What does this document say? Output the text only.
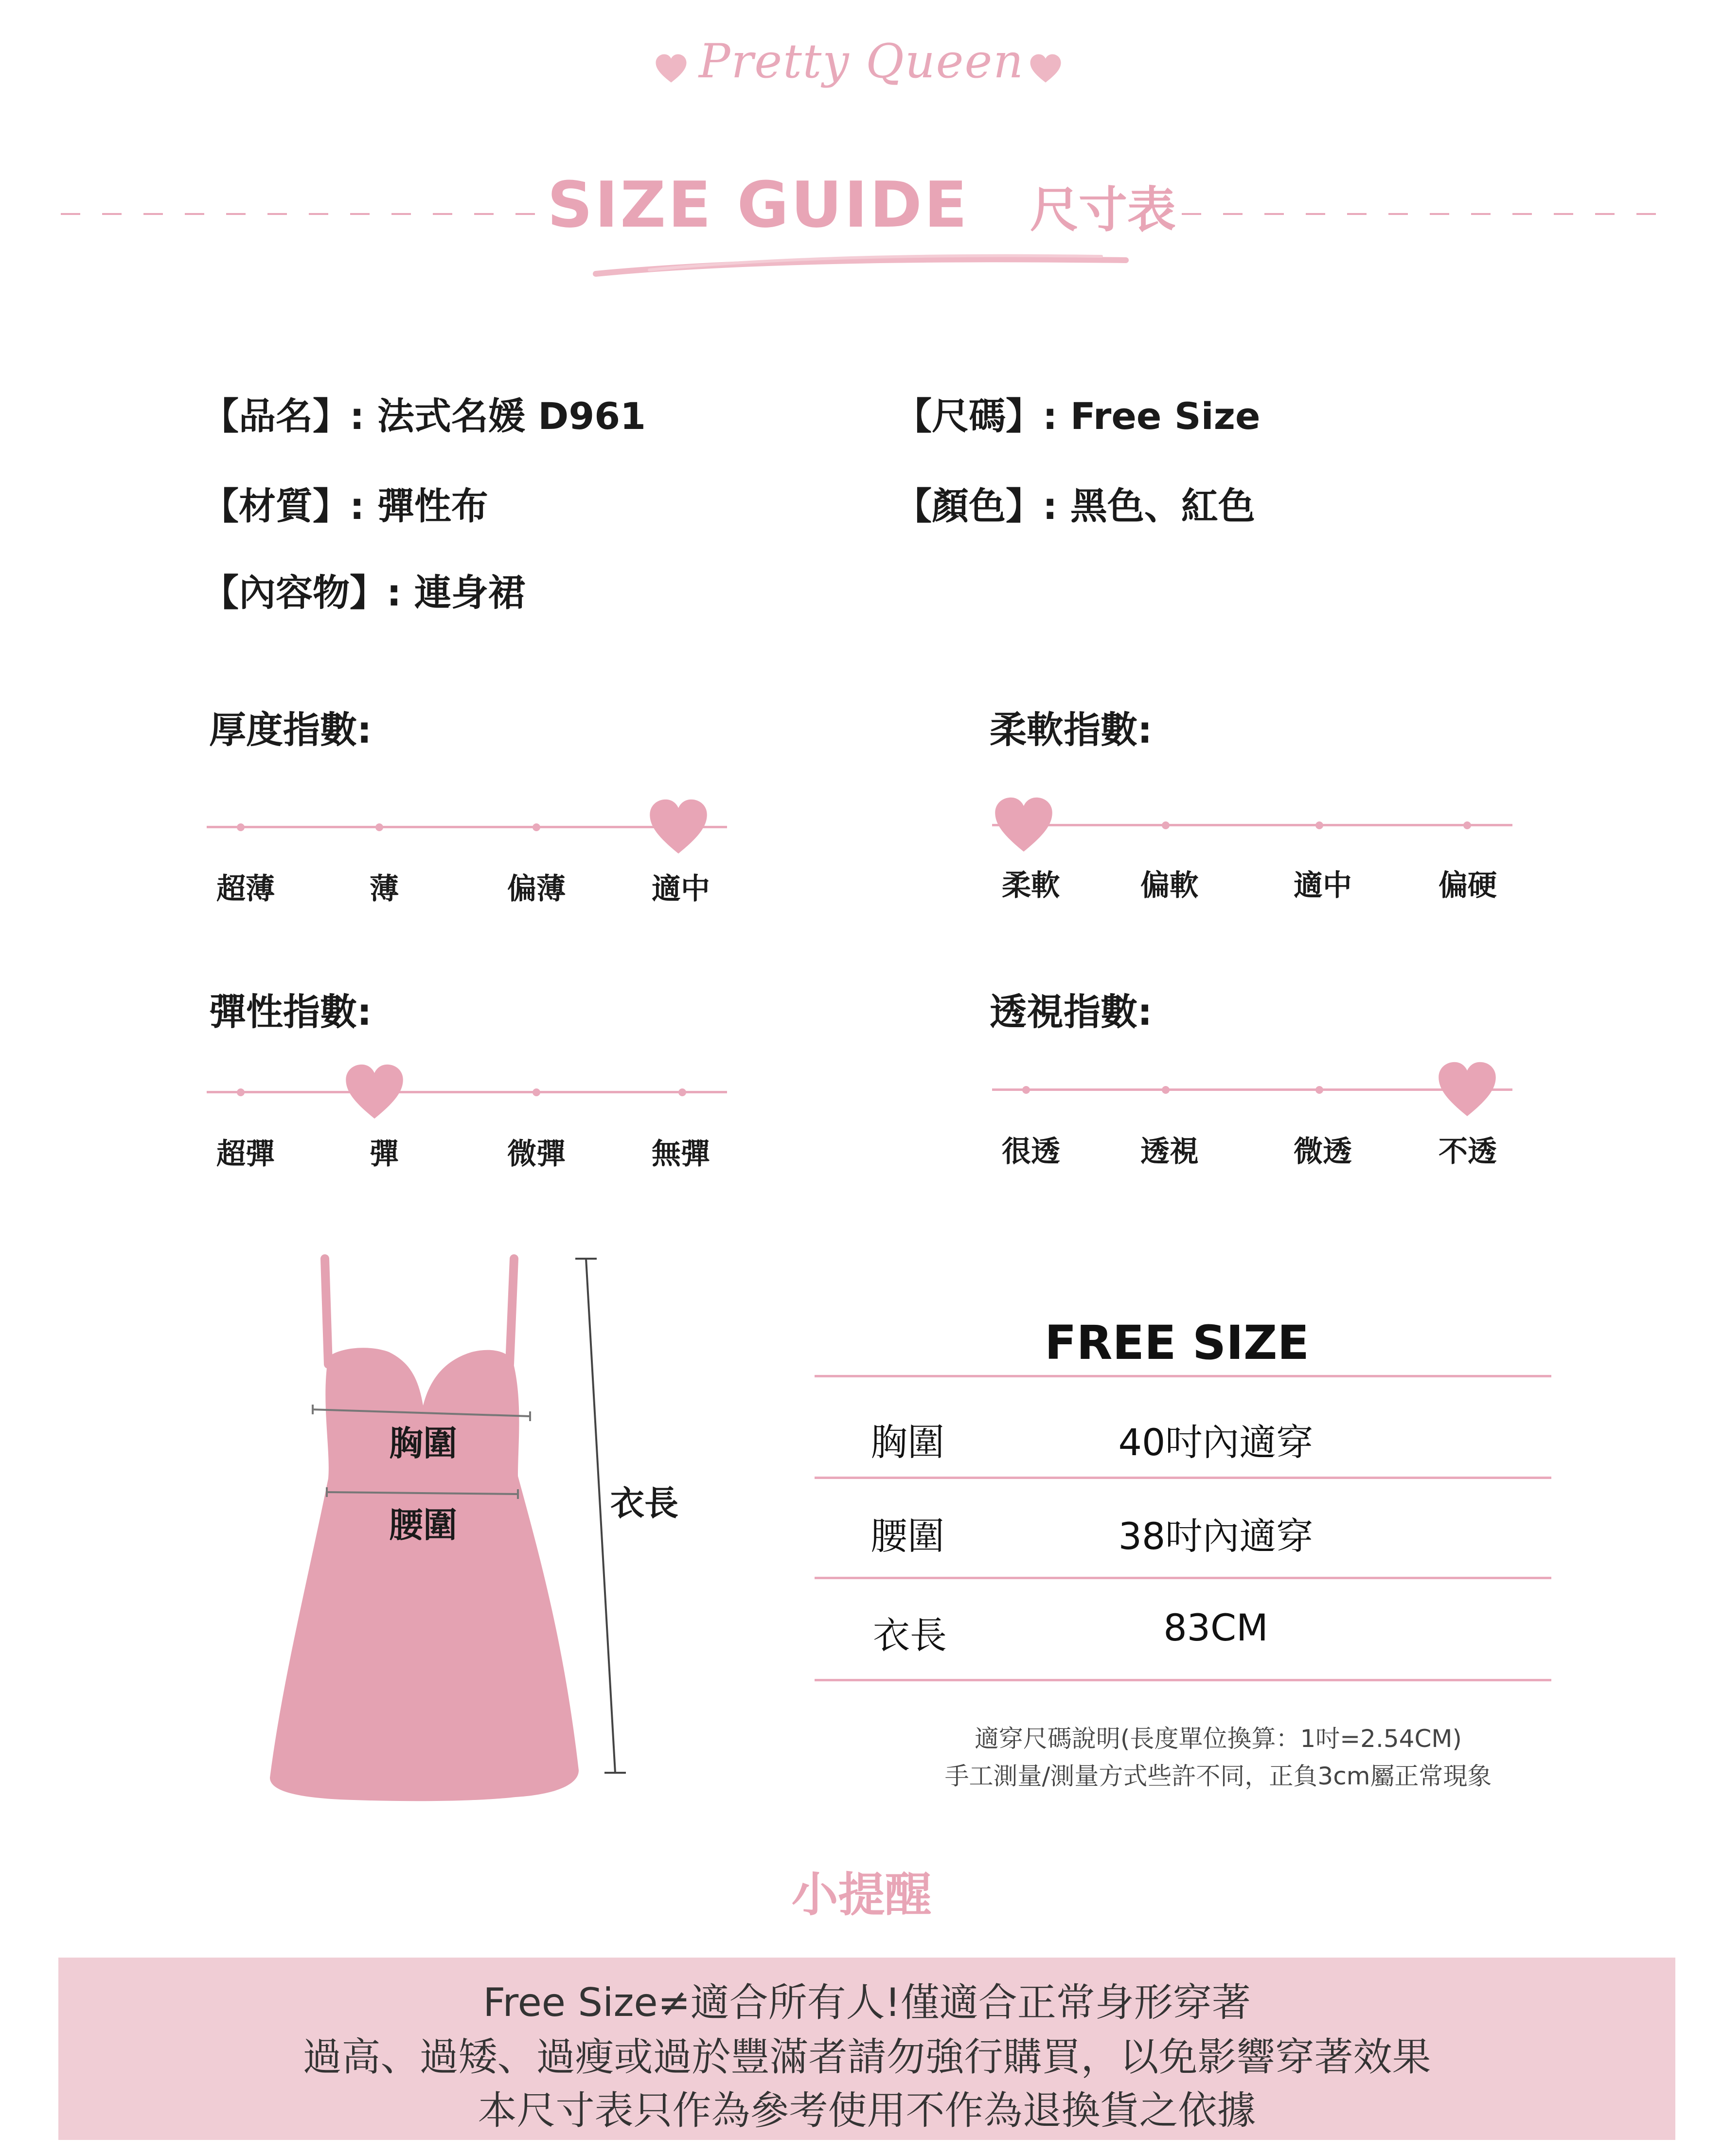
Pretty Queen
SIZE GUIDE 尺寸表
【品名】: 法式名媛 D961	【尺碼】: Free Size
【材質】: 彈性布	【顏色】: 黑色、紅色
【內容物】: 連身裙
厚度指數:
超薄	薄	偏薄	適中
柔軟指數:
柔軟	偏軟	適中	偏硬
彈性指數:
超彈	彈	微彈	無彈
透視指數:
很透	透視	微透	不透
胸圍
腰圍
衣長
FREE SIZE
胸圍	40吋內適穿
腰圍	38吋內適穿
衣長	83CM
適穿尺碼說明(長度單位換算：1吋=2.54CM)
手工測量/測量方式些許不同，正負3cm屬正常現象
小提醒
Free Size≠適合所有人!僅適合正常身形穿著
過高、過矮、過瘦或過於豐滿者請勿強行購買，以免影響穿著效果
本尺寸表只作為參考使用不作為退換貨之依據
